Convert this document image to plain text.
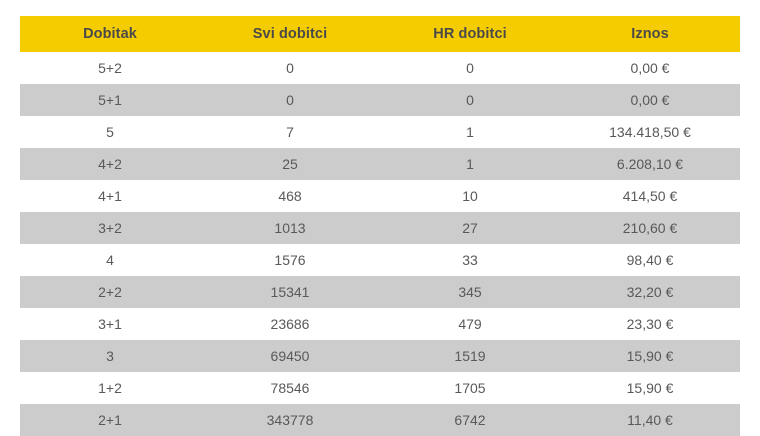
Dobitak	Svi dobitci	HR dobitci	Iznos
5+2	0	0	0,00 €
5+1	0	0	0,00 €
5	7	1	134.418,50 €
4+2	25	1	6.208,10 €
4+1	468	10	414,50 €
3+2	1013	27	210,60 €
4	1576	33	98,40 €
2+2	15341	345	32,20 €
3+1	23686	479	23,30 €
3	69450	1519	15,90 €
1+2	78546	1705	15,90 €
2+1	343778	6742	11,40 €
